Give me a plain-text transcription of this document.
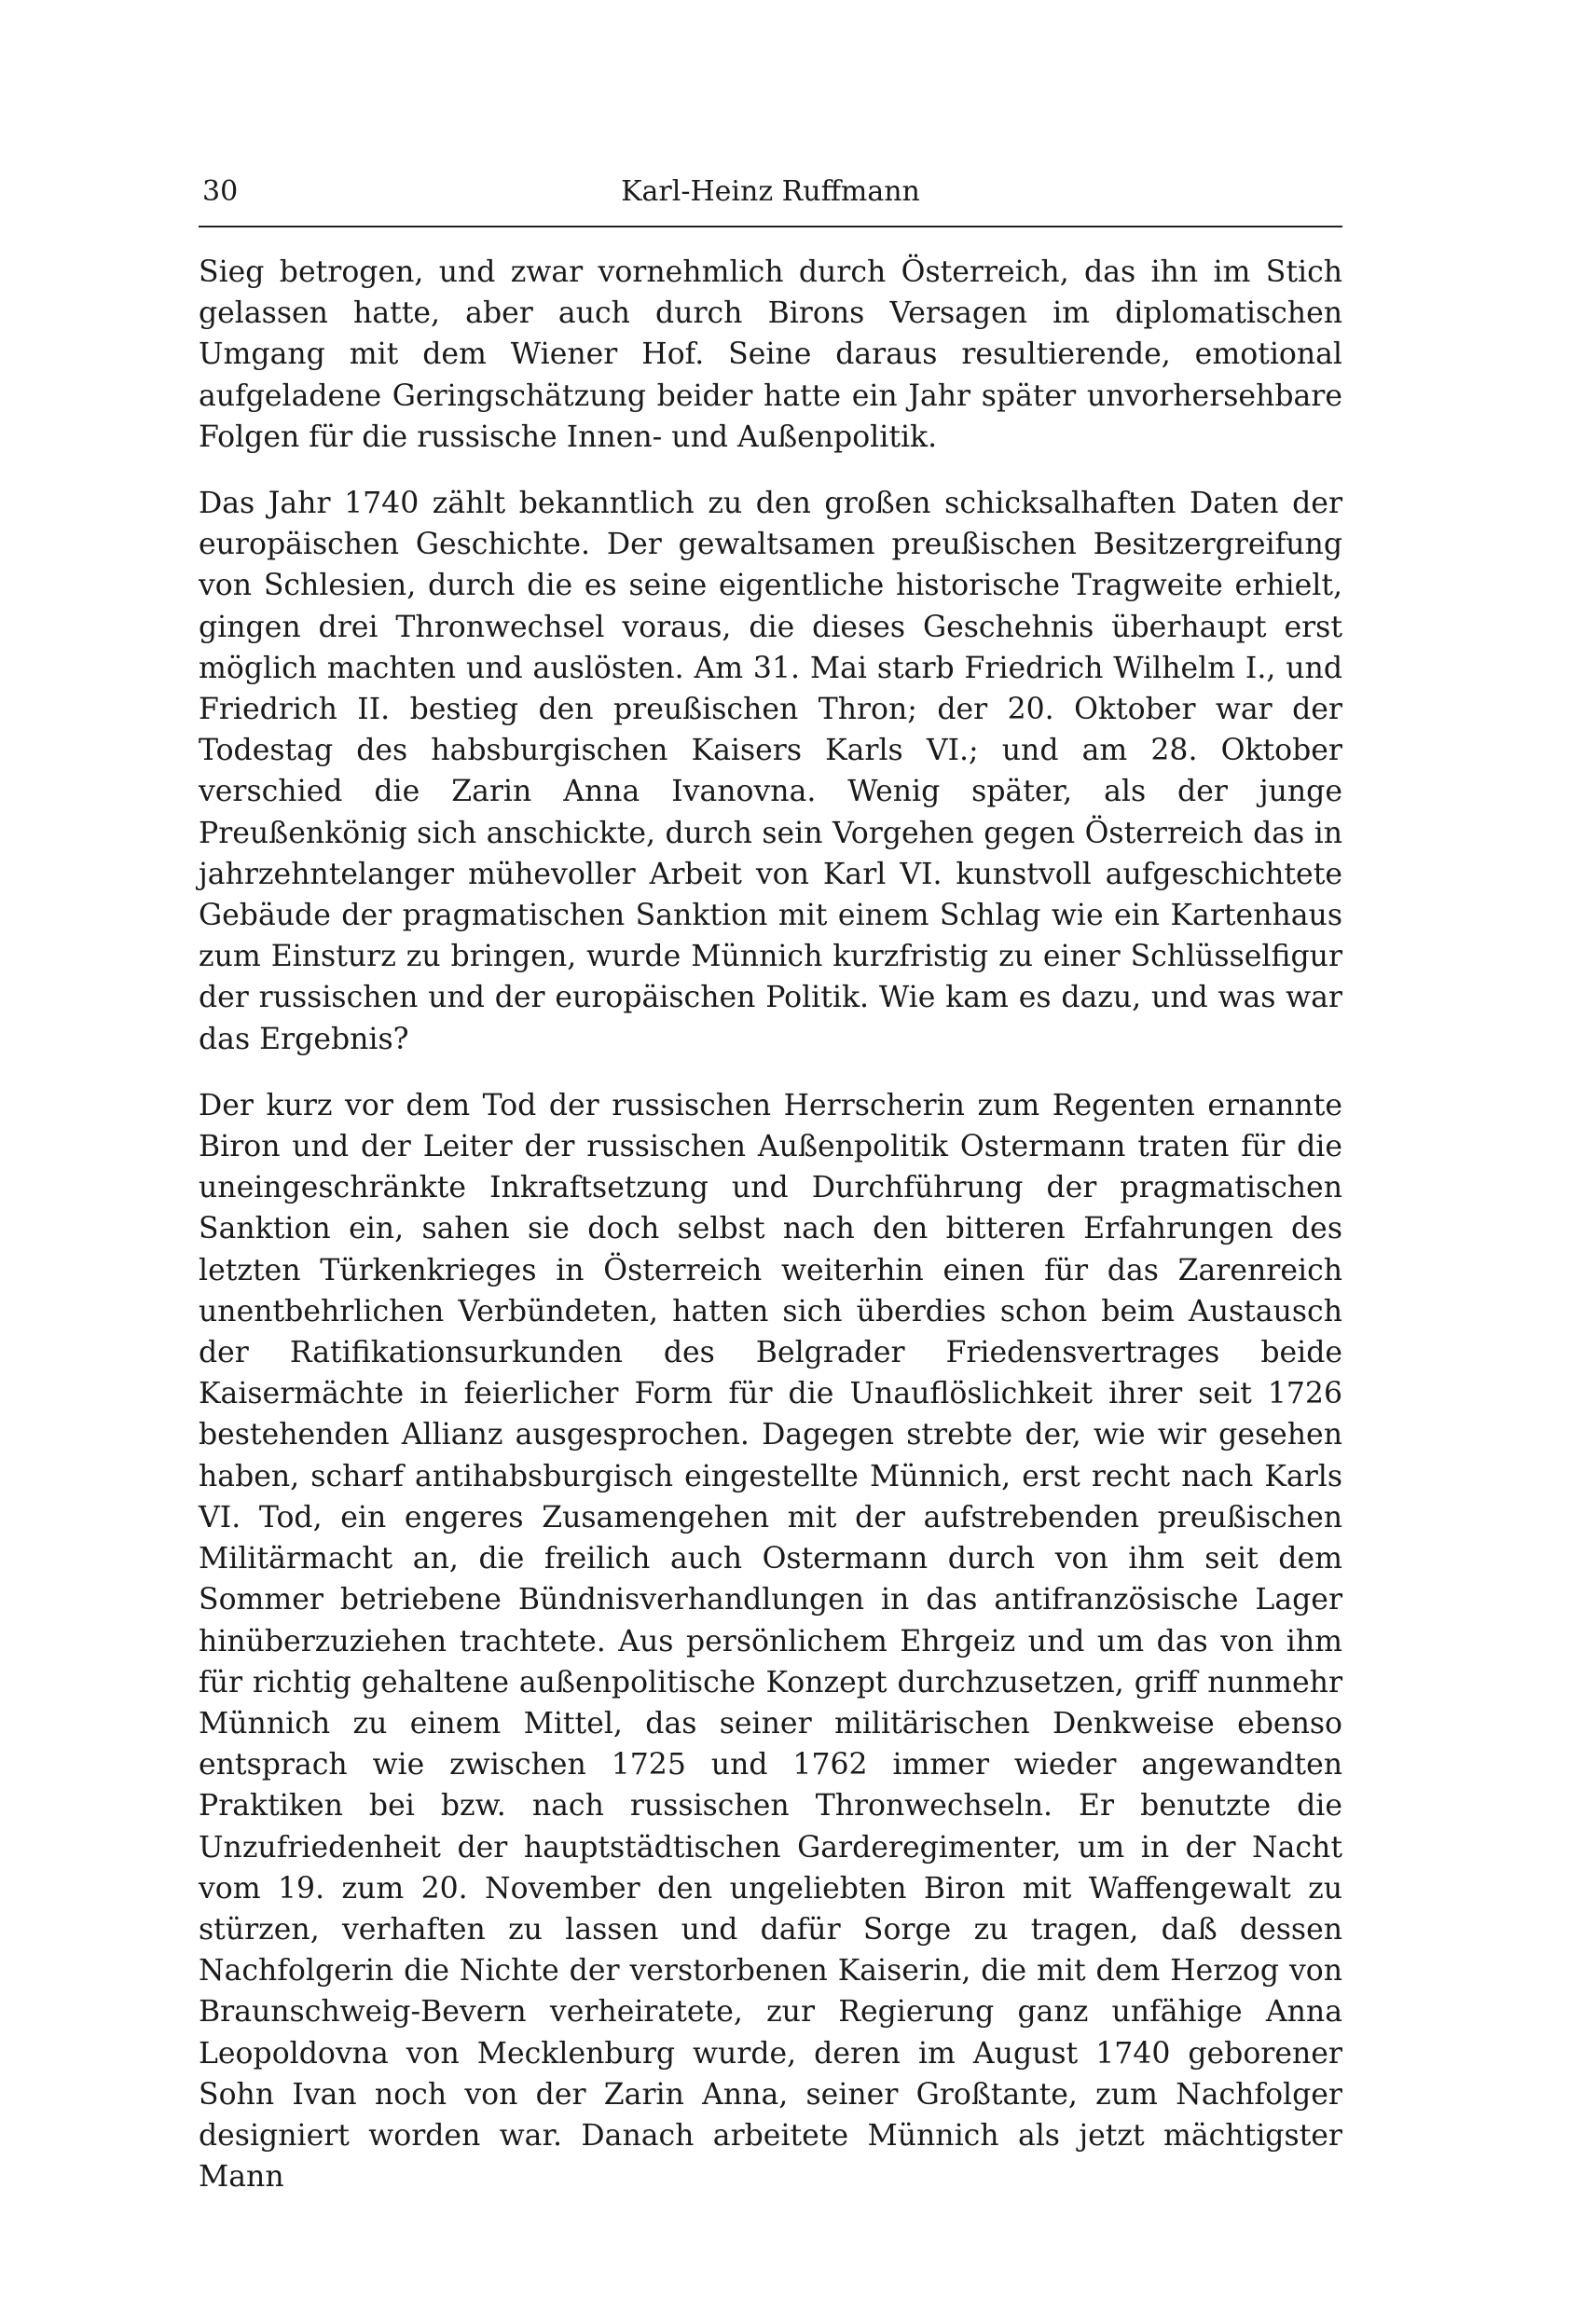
30	Karl-Heinz Ruffmann

Sieg betrogen, und zwar vornehmlich durch Österreich, das ihn im Stich gelassen hatte, aber auch durch Birons Versagen im diplomatischen Umgang mit dem Wiener Hof. Seine daraus resultierende, emotional aufgeladene Geringschätzung beider hatte ein Jahr später unvorhersehbare Folgen für die russische Innen- und Außenpolitik.

Das Jahr 1740 zählt bekanntlich zu den großen schicksalhaften Daten der europäischen Geschichte. Der gewaltsamen preußischen Besitzergreifung von Schlesien, durch die es seine eigentliche historische Tragweite erhielt, gingen drei Thronwechsel voraus, die dieses Geschehnis überhaupt erst möglich machten und auslösten. Am 31. Mai starb Friedrich Wilhelm I., und Friedrich II. bestieg den preußischen Thron; der 20. Oktober war der Todestag des habsburgischen Kaisers Karls VI.; und am 28. Oktober verschied die Zarin Anna Ivanovna. Wenig später, als der junge Preußenkönig sich anschickte, durch sein Vorgehen gegen Österreich das in jahrzehntelanger mühevoller Arbeit von Karl VI. kunstvoll aufgeschichtete Gebäude der pragmatischen Sanktion mit einem Schlag wie ein Kartenhaus zum Einsturz zu bringen, wurde Münnich kurzfristig zu einer Schlüsselfigur der russischen und der europäischen Politik. Wie kam es dazu, und was war das Ergebnis?

Der kurz vor dem Tod der russischen Herrscherin zum Regenten ernannte Biron und der Leiter der russischen Außenpolitik Ostermann traten für die uneingeschränkte Inkraftsetzung und Durchführung der pragmatischen Sanktion ein, sahen sie doch selbst nach den bitteren Erfahrungen des letzten Türkenkrieges in Österreich weiterhin einen für das Zarenreich unentbehrlichen Verbündeten, hatten sich überdies schon beim Austausch der Ratifikationsurkunden des Belgrader Friedensvertrages beide Kaisermächte in feierlicher Form für die Unauflöslichkeit ihrer seit 1726 bestehenden Allianz ausgesprochen. Dagegen strebte der, wie wir gesehen haben, scharf antihabsburgisch eingestellte Münnich, erst recht nach Karls VI. Tod, ein engeres Zusamengehen mit der aufstrebenden preußischen Militärmacht an, die freilich auch Ostermann durch von ihm seit dem Sommer betriebene Bündnisverhandlungen in das antifranzösische Lager hinüberzuziehen trachtete. Aus persönlichem Ehrgeiz und um das von ihm für richtig gehaltene außenpolitische Konzept durchzusetzen, griff nunmehr Münnich zu einem Mittel, das seiner militärischen Denkweise ebenso entsprach wie zwischen 1725 und 1762 immer wieder angewandten Praktiken bei bzw. nach russischen Thronwechseln. Er benutzte die Unzufriedenheit der hauptstädtischen Garderegimenter, um in der Nacht vom 19. zum 20. November den ungeliebten Biron mit Waffengewalt zu stürzen, verhaften zu lassen und dafür Sorge zu tragen, daß dessen Nachfolgerin die Nichte der verstorbenen Kaiserin, die mit dem Herzog von Braunschweig-Bevern verheiratete, zur Regierung ganz unfähige Anna Leopoldovna von Mecklenburg wurde, deren im August 1740 geborener Sohn Ivan noch von der Zarin Anna, seiner Großtante, zum Nachfolger designiert worden war. Danach arbeitete Münnich als jetzt mächtigster Mann
